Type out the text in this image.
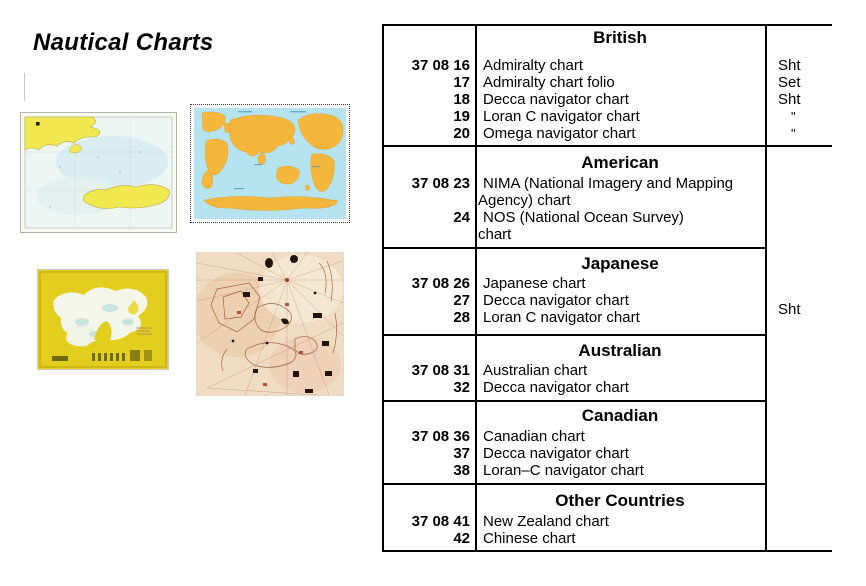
Nautical Charts
Sht
British
37 08 16 Admiralty chart
17 Admiralty chart folio
18 Decca navigator chart
19 Loran C navigator chart
20 Omega navigator chart
Sht
Set
Sht
"
"
American
37 08 23 NIMA (National Imagery and Mapping
Agency) chart
24 NOS (National Ocean Survey)
chart
Japanese
37 08 26 Japanese chart
27 Decca navigator chart
28 Loran C navigator chart
Australian
37 08 31 Australian chart
32 Decca navigator chart
Canadian
37 08 36 Canadian chart
37 Decca navigator chart
38 Loran–C navigator chart
Other Countries
37 08 41 New Zealand chart
42 Chinese chart
